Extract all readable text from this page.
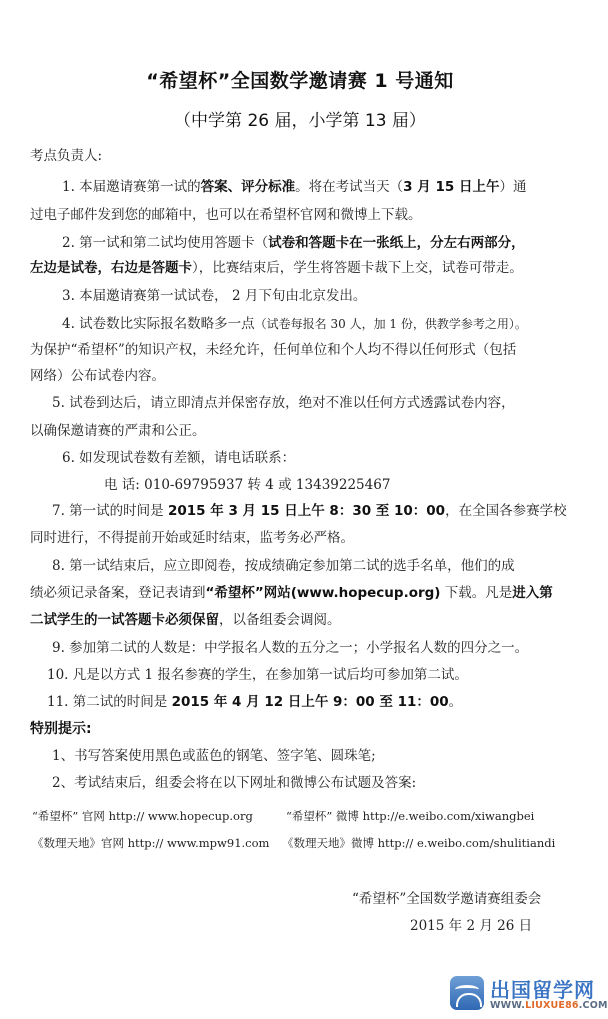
“希望杯”全国数学邀请赛 1 号通知
（中学第 26 届，小学第 13 届）
考点负责人:
1. 本届邀请赛第一试的答案、评分标准。将在考试当天（3 月 15 日上午）通
过电子邮件发到您的邮箱中，也可以在希望杯官网和微博上下载。
2. 第一试和第二试均使用答题卡（试卷和答题卡在一张纸上，分左右两部分，
左边是试卷，右边是答题卡），比赛结束后，学生将答题卡裁下上交，试卷可带走。
3. 本届邀请赛第一试试卷， 2 月下旬由北京发出。
4. 试卷数比实际报名数略多一点（试卷每报名 30 人，加 1 份，供教学参考之用）。
为保护“希望杯”的知识产权，未经允许，任何单位和个人均不得以任何形式（包括
网络）公布试卷内容。
5. 试卷到达后，请立即清点并保密存放，绝对不准以任何方式透露试卷内容，
以确保邀请赛的严肃和公正。
6. 如发现试卷数有差额，请电话联系：
电 话: 010-69795937 转 4 或 13439225467
7. 第一试的时间是 2015 年 3 月 15 日上午 8：30 至 10：00，在全国各参赛学校
同时进行，不得提前开始或延时结束，监考务必严格。
8. 第一试结束后，应立即阅卷，按成绩确定参加第二试的选手名单，他们的成
绩必须记录备案，登记表请到“希望杯”网站(www.hopecup.org) 下载。凡是进入第
二试学生的一试答题卡必须保留，以备组委会调阅。
9. 参加第二试的人数是：中学报名人数的五分之一；小学报名人数的四分之一。
10. 凡是以方式 1 报名参赛的学生，在参加第一试后均可参加第二试。
11. 第二试的时间是 2015 年 4 月 12 日上午 9：00 至 11：00。
特别提示:
1、书写答案使用黑色或蓝色的钢笔、签字笔、圆珠笔;
2、考试结束后，组委会将在以下网址和微博公布试题及答案:
“希望杯” 官网 http:// www.hopecup.org	“希望杯” 微博 http://e.weibo.com/xiwangbei
《数理天地》官网 http:// www.mpw91.com 《数理天地》微博 http:// e.weibo.com/shulitiandi
“希望杯”全国数学邀请赛组委会
2015 年 2 月 26 日
出国留学网
WWW.LIUXUE86.COM
